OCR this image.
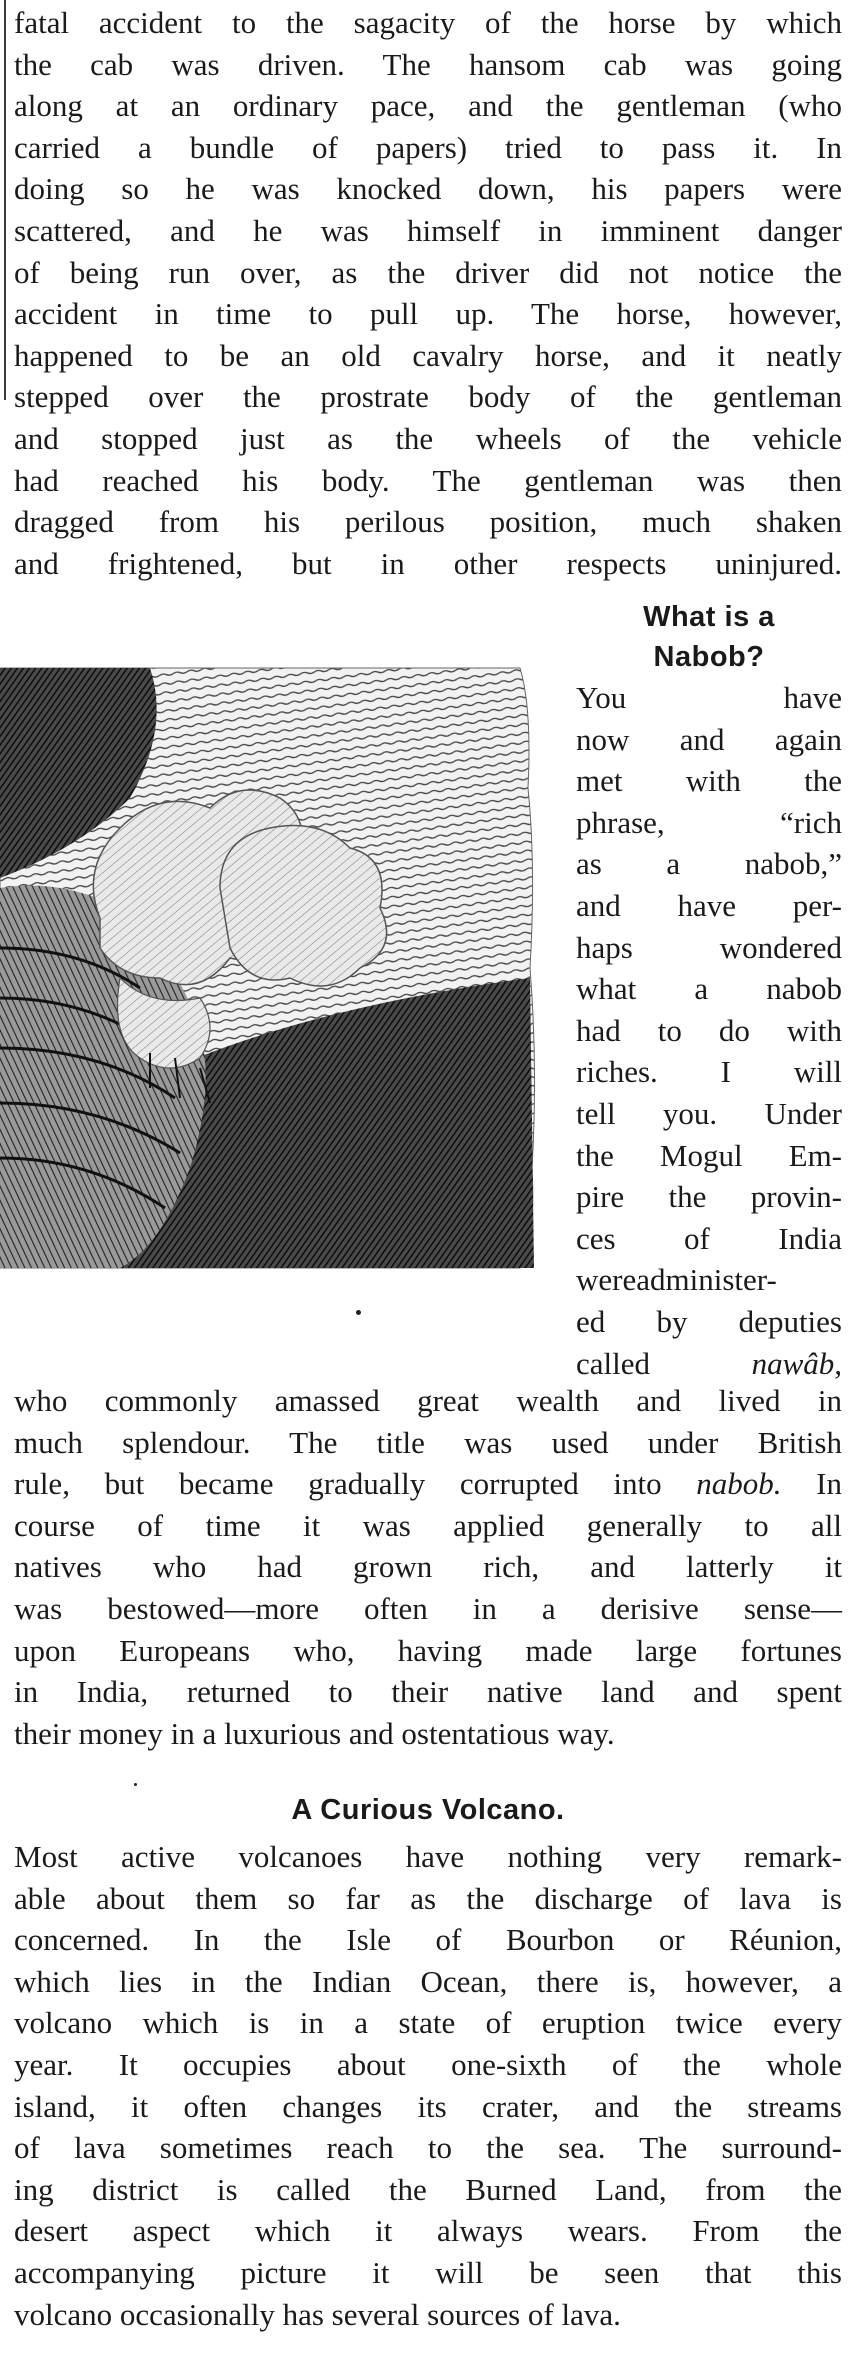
fatal accident to the sagacity of the horse by which
the cab was driven. The hansom cab was going
along at an ordinary pace, and the gentleman (who
carried a bundle of papers) tried to pass it. In
doing so he was knocked down, his papers were
scattered, and he was himself in imminent danger
of being run over, as the driver did not notice the
accident in time to pull up. The horse, however,
happened to be an old cavalry horse, and it neatly
stepped over the prostrate body of the gentleman
and stopped just as the wheels of the vehicle
had reached his body. The gentleman was then
dragged from his perilous position, much shaken
and frightened, but in other respects uninjured.

What is a

Nabob?

You have
now and again
met with the
phrase, “rich
as a nabob,”
and have per-
haps wondered
what a nabob
had to do with
riches. I will
tell you. Under
the Mogul Em-
pire the provin-
ces of India
wereadminister-
ed by deputies
called nawâb,
who commonly amassed great wealth and lived in
much splendour. The title was used under British
rule, but became gradually corrupted into nabob. In
course of time it was applied generally to all
natives who had grown rich, and latterly it
was bestowed—more often in a derisive sense—
upon Europeans who, having made large fortunes
in India, returned to their native land and spent
their money in a luxurious and ostentatious way.

A Curious Volcano.

Most active volcanoes have nothing very remark-
able about them so far as the discharge of lava is
concerned. In the Isle of Bourbon or Réunion,
which lies in the Indian Ocean, there is, however, a
volcano which is in a state of eruption twice every
year. It occupies about one-sixth of the whole
island, it often changes its crater, and the streams
of lava sometimes reach to the sea. The surround-
ing district is called the Burned Land, from the
desert aspect which it always wears. From the
accompanying picture it will be seen that this
volcano occasionally has several sources of lava.
